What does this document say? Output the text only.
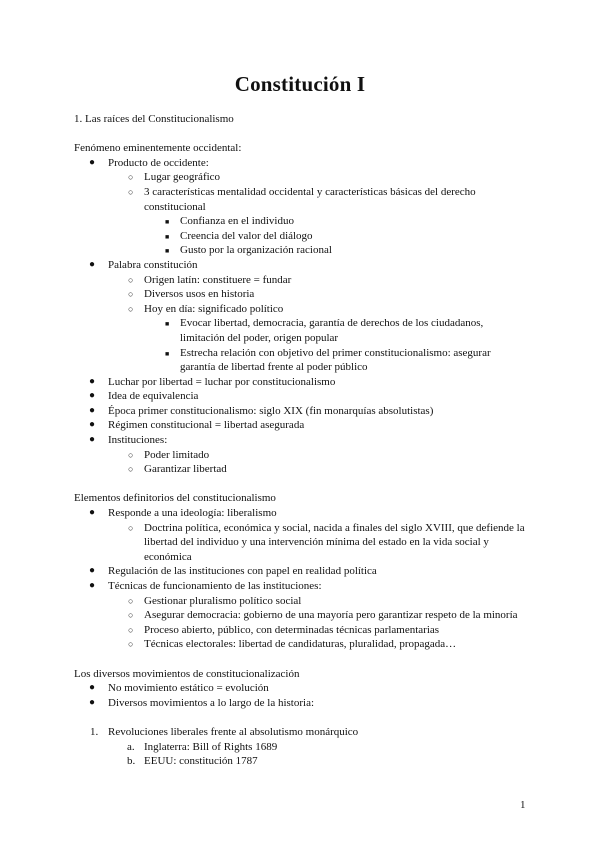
Constitución I

1. Las raíces del Constitucionalismo

Fenómeno eminentemente occidental:

● Producto de occidente:
○ Lugar geográfico
○ 3 características mentalidad occidental y características básicas del derecho constitucional
■ Confianza en el individuo
■ Creencia del valor del diálogo
■ Gusto por la organización racional
● Palabra constitución
○ Origen latín: constituere = fundar
○ Diversos usos en historia
○ Hoy en día: significado político
■ Evocar libertad, democracia, garantía de derechos de los ciudadanos, limitación del poder, origen popular
■ Estrecha relación con objetivo del primer constitucionalismo: asegurar garantía de libertad frente al poder público
● Luchar por libertad = luchar por constitucionalismo
● Idea de equivalencia
● Época primer constitucionalismo: siglo XIX (fin monarquías absolutistas)
● Régimen constitucional = libertad asegurada
● Instituciones:
○ Poder limitado
○ Garantizar libertad

Elementos definitorios del constitucionalismo

● Responde a una ideología: liberalismo
○ Doctrina política, económica y social, nacida a finales del siglo XVIII, que defiende la libertad del individuo y una intervención mínima del estado en la vida social y económica
● Regulación de las instituciones con papel en realidad política
● Técnicas de funcionamiento de las instituciones:
○ Gestionar pluralismo político social
○ Asegurar democracia: gobierno de una mayoría pero garantizar respeto de la minoría
○ Proceso abierto, público, con determinadas técnicas parlamentarias
○ Técnicas electorales: libertad de candidaturas, pluralidad, propagada…

Los diversos movimientos de constitucionalización

● No movimiento estático = evolución
● Diversos movimientos a lo largo de la historia:
1. Revoluciones liberales frente al absolutismo monárquico
a. Inglaterra: Bill of Rights 1689
b. EEUU: constitución 1787
1
